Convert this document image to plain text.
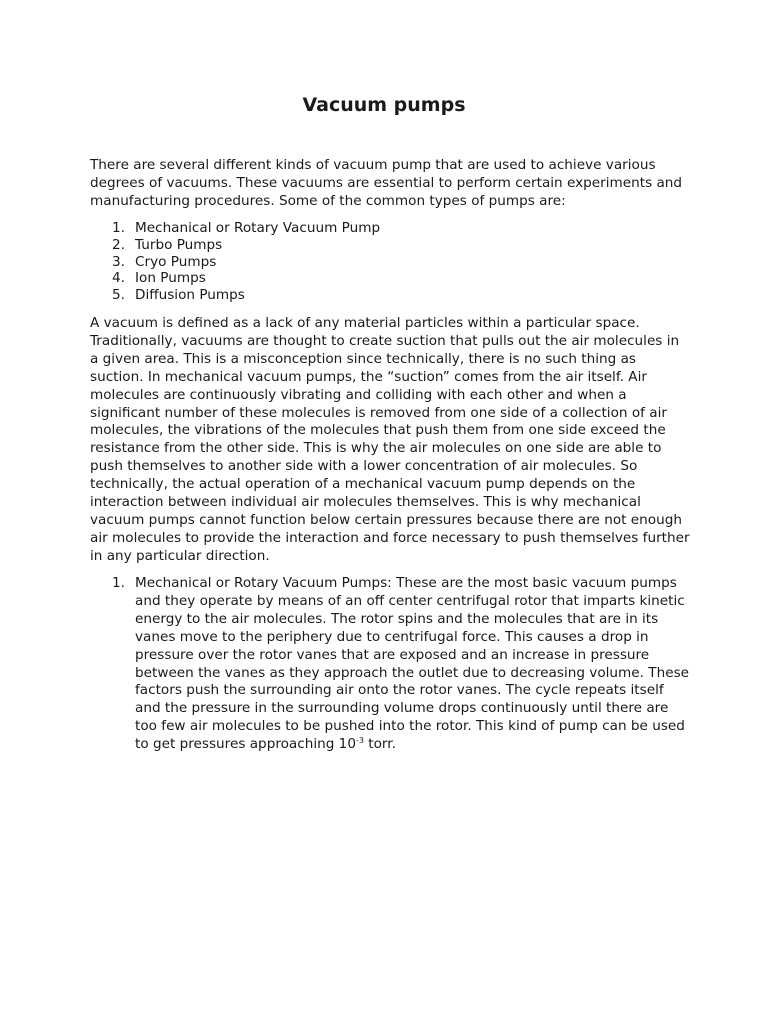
Vacuum pumps

There are several different kinds of vacuum pump that are used to achieve various degrees of vacuums. These vacuums are essential to perform certain experiments and manufacturing procedures. Some of the common types of pumps are:

1. Mechanical or Rotary Vacuum Pump
2. Turbo Pumps
3. Cryo Pumps
4. Ion Pumps
5. Diffusion Pumps

A vacuum is defined as a lack of any material particles within a particular space. Traditionally, vacuums are thought to create suction that pulls out the air molecules in a given area. This is a misconception since technically, there is no such thing as suction. In mechanical vacuum pumps, the “suction” comes from the air itself. Air molecules are continuously vibrating and colliding with each other and when a significant number of these molecules is removed from one side of a collection of air molecules, the vibrations of the molecules that push them from one side exceed the resistance from the other side. This is why the air molecules on one side are able to push themselves to another side with a lower concentration of air molecules. So technically, the actual operation of a mechanical vacuum pump depends on the interaction between individual air molecules themselves. This is why mechanical vacuum pumps cannot function below certain pressures because there are not enough air molecules to provide the interaction and force necessary to push themselves further in any particular direction.

1. Mechanical or Rotary Vacuum Pumps: These are the most basic vacuum pumps and they operate by means of an off center centrifugal rotor that imparts kinetic energy to the air molecules. The rotor spins and the molecules that are in its vanes move to the periphery due to centrifugal force. This causes a drop in pressure over the rotor vanes that are exposed and an increase in pressure between the vanes as they approach the outlet due to decreasing volume. These factors push the surrounding air onto the rotor vanes. The cycle repeats itself and the pressure in the surrounding volume drops continuously until there are too few air molecules to be pushed into the rotor. This kind of pump can be used to get pressures approaching $10^{-3}$ torr.
